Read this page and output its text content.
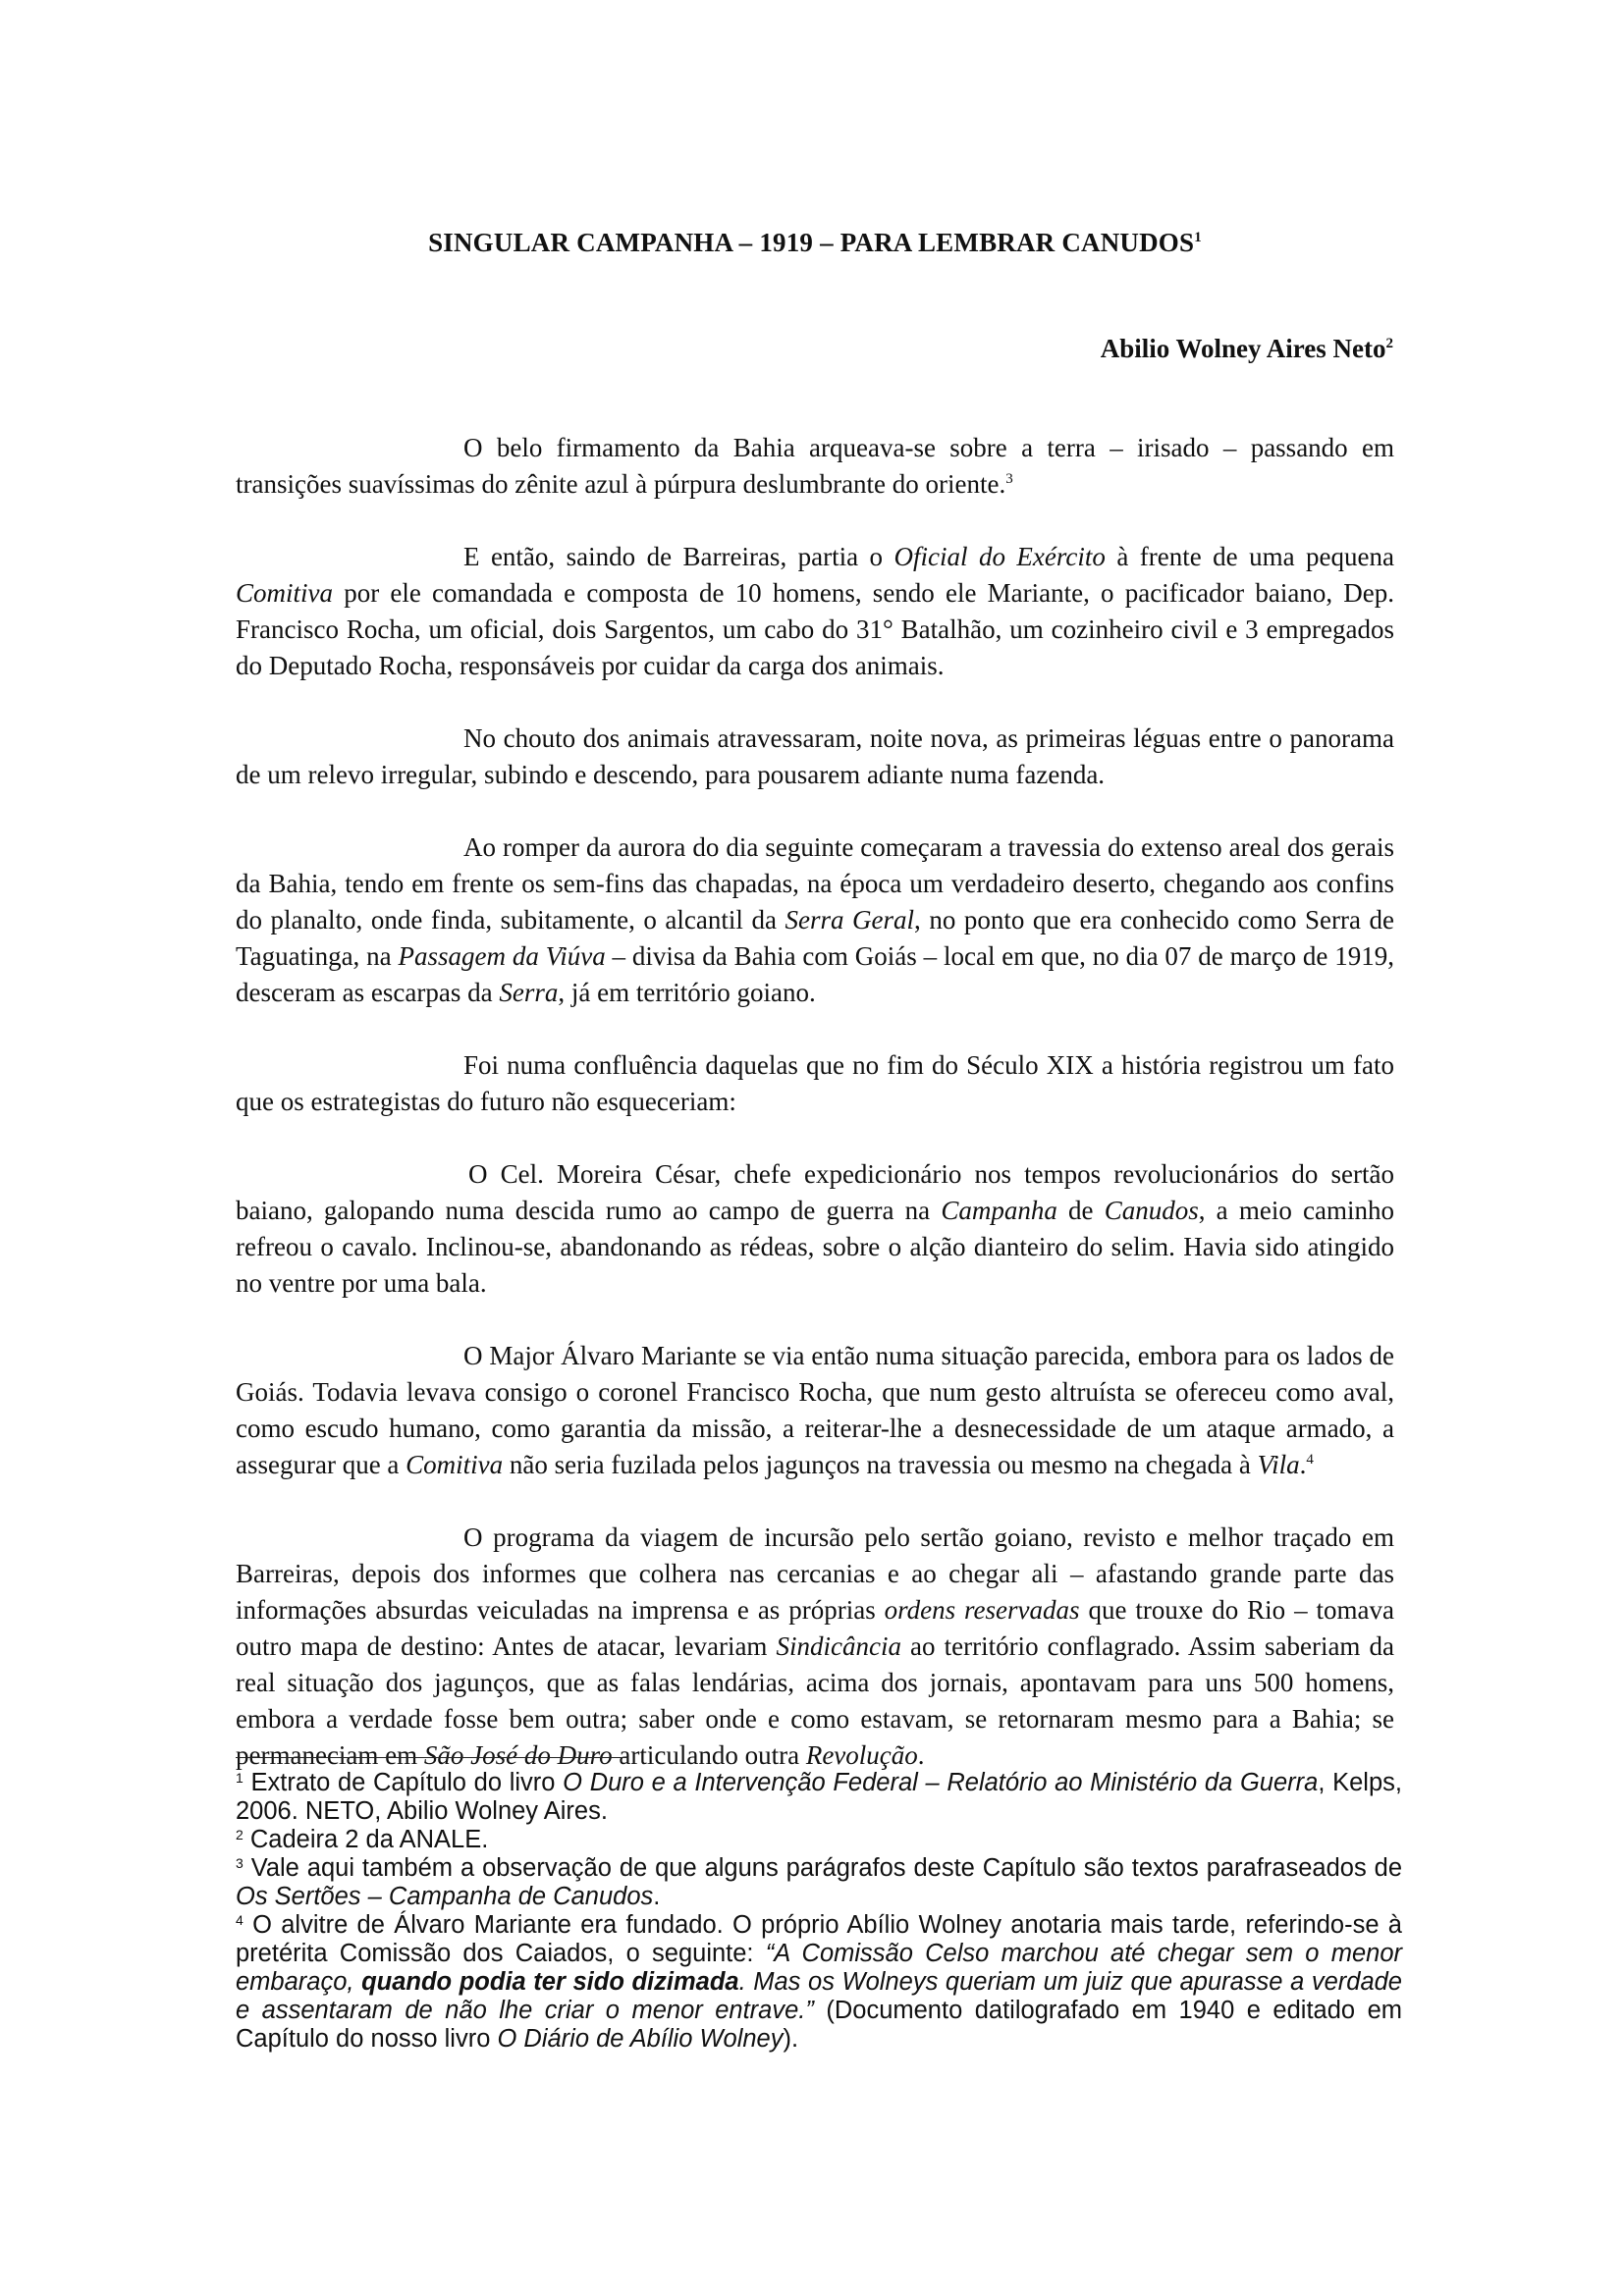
SINGULAR CAMPANHA – 1919 – PARA LEMBRAR CANUDOS$^1$
Abilio Wolney Aires Neto$^2$

O belo firmamento da Bahia arqueava-se sobre a terra – irisado – passando em transições suavíssimas do zênite azul à púrpura deslumbrante do oriente.$^3$

E então, saindo de Barreiras, partia o Oficial do Exército à frente de uma pequena Comitiva por ele comandada e composta de 10 homens, sendo ele Mariante, o pacificador baiano, Dep. Francisco Rocha, um oficial, dois Sargentos, um cabo do 31° Batalhão, um cozinheiro civil e 3 empregados do Deputado Rocha, responsáveis por cuidar da carga dos animais.

No chouto dos animais atravessaram, noite nova, as primeiras léguas entre o panorama de um relevo irregular, subindo e descendo, para pousarem adiante numa fazenda.

Ao romper da aurora do dia seguinte começaram a travessia do extenso areal dos gerais da Bahia, tendo em frente os sem-fins das chapadas, na época um verdadeiro deserto, chegando aos confins do planalto, onde finda, subitamente, o alcantil da Serra Geral, no ponto que era conhecido como Serra de Taguatinga, na Passagem da Viúva – divisa da Bahia com Goiás – local em que, no dia 07 de março de 1919, desceram as escarpas da Serra, já em território goiano.

Foi numa confluência daquelas que no fim do Século XIX a história registrou um fato que os estrategistas do futuro não esqueceriam:

O Cel. Moreira César, chefe expedicionário nos tempos revolucionários do sertão baiano, galopando numa descida rumo ao campo de guerra na Campanha de Canudos, a meio caminho refreou o cavalo. Inclinou-se, abandonando as rédeas, sobre o alção dianteiro do selim. Havia sido atingido no ventre por uma bala.

O Major Álvaro Mariante se via então numa situação parecida, embora para os lados de Goiás. Todavia levava consigo o coronel Francisco Rocha, que num gesto altruísta se ofereceu como aval, como escudo humano, como garantia da missão, a reiterar-lhe a desnecessidade de um ataque armado, a assegurar que a Comitiva não seria fuzilada pelos jagunços na travessia ou mesmo na chegada à Vila.$^4$

O programa da viagem de incursão pelo sertão goiano, revisto e melhor traçado em Barreiras, depois dos informes que colhera nas cercanias e ao chegar ali – afastando grande parte das informações absurdas veiculadas na imprensa e as próprias ordens reservadas que trouxe do Rio – tomava outro mapa de destino: Antes de atacar, levariam Sindicância ao território conflagrado. Assim saberiam da real situação dos jagunços, que as falas lendárias, acima dos jornais, apontavam para uns 500 homens, embora a verdade fosse bem outra; saber onde e como estavam, se retornaram mesmo para a Bahia; se permaneciam em São José do Duro articulando outra Revolução.

$^1$ Extrato de Capítulo do livro O Duro e a Intervenção Federal – Relatório ao Ministério da Guerra, Kelps, 2006. NETO, Abilio Wolney Aires.
$^2$ Cadeira 2 da ANALE.
$^3$ Vale aqui também a observação de que alguns parágrafos deste Capítulo são textos parafraseados de Os Sertões – Campanha de Canudos.
$^4$ O alvitre de Álvaro Mariante era fundado. O próprio Abílio Wolney anotaria mais tarde, referindo-se à pretérita Comissão dos Caiados, o seguinte: “A Comissão Celso marchou até chegar sem o menor embaraço, quando podia ter sido dizimada. Mas os Wolneys queriam um juiz que apurasse a verdade e assentaram de não lhe criar o menor entrave.” (Documento datilografado em 1940 e editado em Capítulo do nosso livro O Diário de Abílio Wolney).
